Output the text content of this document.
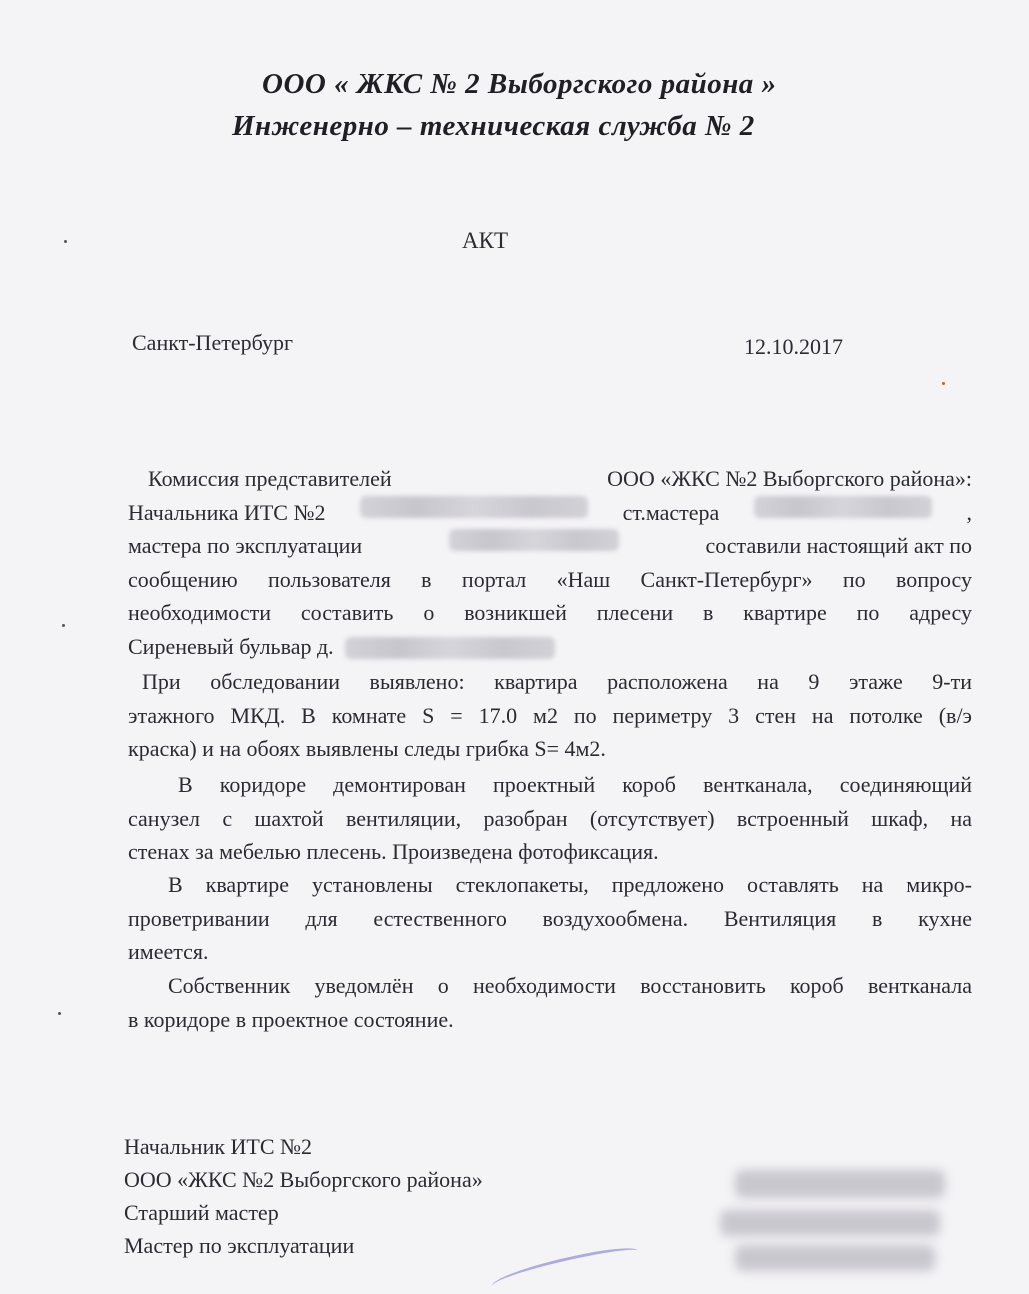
ООО « ЖКС № 2 Выборгского района »
Инженерно – техническая служба № 2
АКТ
Санкт-Петербург	12.10.2017
Комиссия представителей	ООО «ЖКС №2 Выборгского района»:
Начальника ИТС №2	ст.мастера	,
мастера по эксплуатации	составили настоящий акт по
сообщению пользователя в портал «Наш Санкт-Петербург» по вопросу
необходимости составить о возникшей плесени в квартире по адресу
Сиреневый бульвар д.
При обследовании выявлено: квартира расположена на 9 этаже 9-ти
этажного МКД. В комнате S = 17.0 м2 по периметру 3 стен на потолке (в/э
краска) и на обоях выявлены следы грибка S= 4м2.
В коридоре демонтирован проектный короб вентканала, соединяющий
санузел с шахтой вентиляции, разобран (отсутствует) встроенный шкаф, на
стенах за мебелью плесень. Произведена фотофиксация.
В квартире установлены стеклопакеты, предложено оставлять на микро-
проветривании для естественного воздухообмена. Вентиляция в кухне
имеется.
Собственник уведомлён о необходимости восстановить короб вентканала
в коридоре в проектное состояние.
Начальник ИТС №2
ООО «ЖКС №2 Выборгского района»
Старший мастер
Мастер по эксплуатации
